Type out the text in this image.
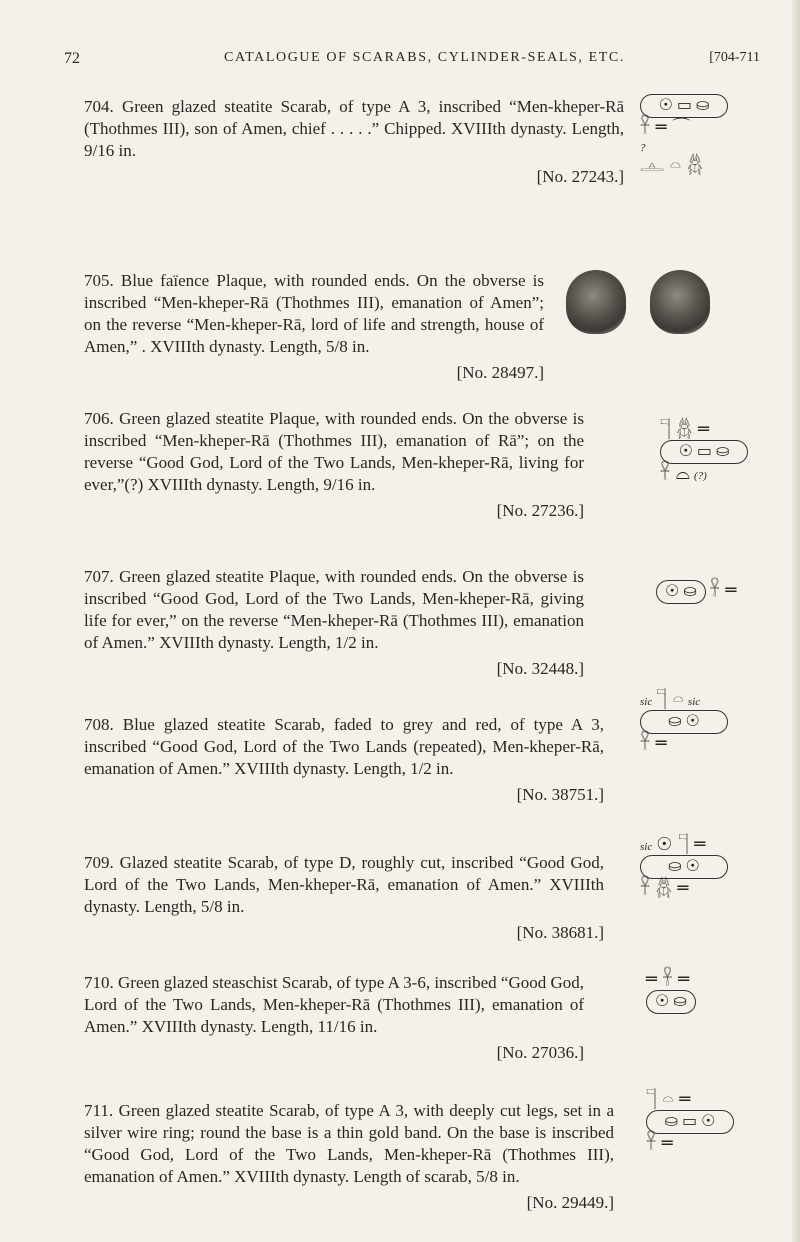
72	CATALOGUE OF SCARABS, CYLINDER-SEALS, ETC.	[704-711
704. Green glazed steatite Scarab, of type A 3, inscribed “Men-kheper-Rā (Thothmes III), son of Amen, chief . . . . .” Chipped. XVIIIth dynasty. Length, 9/16 in.
[No. 27243.]
☉ ▭ ⛀
𓋹 ═ ⌒
?
𓊵 𓏏 𓆣
705. Blue faïence Plaque, with rounded ends. On the obverse is inscribed “Men-kheper-Rā (Thothmes III), emanation of Amen”; on the reverse “Men-kheper-Rā, lord of life and strength, house of Amen,” . XVIIIth dynasty. Length, 5/8 in.
[No. 28497.]
706. Green glazed steatite Plaque, with rounded ends. On the obverse is inscribed “Men-kheper-Rā (Thothmes III), emanation of Rā”; on the reverse “Good God, Lord of the Two Lands, Men-kheper-Rā, living for ever,”(?) XVIIIth dynasty. Length, 9/16 in.
[No. 27236.]
𓊹 𓆣 ═
☉ ▭ ⛀
𓋹 ⌓ (?)
707. Green glazed steatite Plaque, with rounded ends. On the obverse is inscribed “Good God, Lord of the Two Lands, Men-kheper-Rā, giving life for ever,” on the reverse “Men-kheper-Rā (Thothmes III), emanation of Amen.” XVIIIth dynasty. Length, 1/2 in.
[No. 32448.]
☉ ⛀ 𓋹 ═
708. Blue glazed steatite Scarab, faded to grey and red, of type A 3, inscribed “Good God, Lord of the Two Lands (repeated), Men-kheper-Rā, emanation of Amen.” XVIIIth dynasty. Length, 1/2 in.
[No. 38751.]
sic 𓊹 𓏏 sic
⛀ ☉
𓋹 ═
709. Glazed steatite Scarab, of type D, roughly cut, inscribed “Good God, Lord of the Two Lands, Men-kheper-Rā, emanation of Amen.” XVIIIth dynasty. Length, 5/8 in.
[No. 38681.]
sic ☉ 𓊹 ═
⛀ ☉
𓋹 𓆣 ═
710. Green glazed steaschist Scarab, of type A 3-6, inscribed “Good God, Lord of the Two Lands, Men-kheper-Rā (Thothmes III), emanation of Amen.” XVIIIth dynasty. Length, 11/16 in.
[No. 27036.]
═ 𓋹 ═
☉ ⛀
711. Green glazed steatite Scarab, of type A 3, with deeply cut legs, set in a silver wire ring; round the base is a thin gold band. On the base is inscribed “Good God, Lord of the Two Lands, Men-kheper-Rā (Thothmes III), emanation of Amen.” XVIIIth dynasty. Length of scarab, 5/8 in.
[No. 29449.]
𓊹 𓏏 ═
⛀ ▭ ☉
𓋹 ═
